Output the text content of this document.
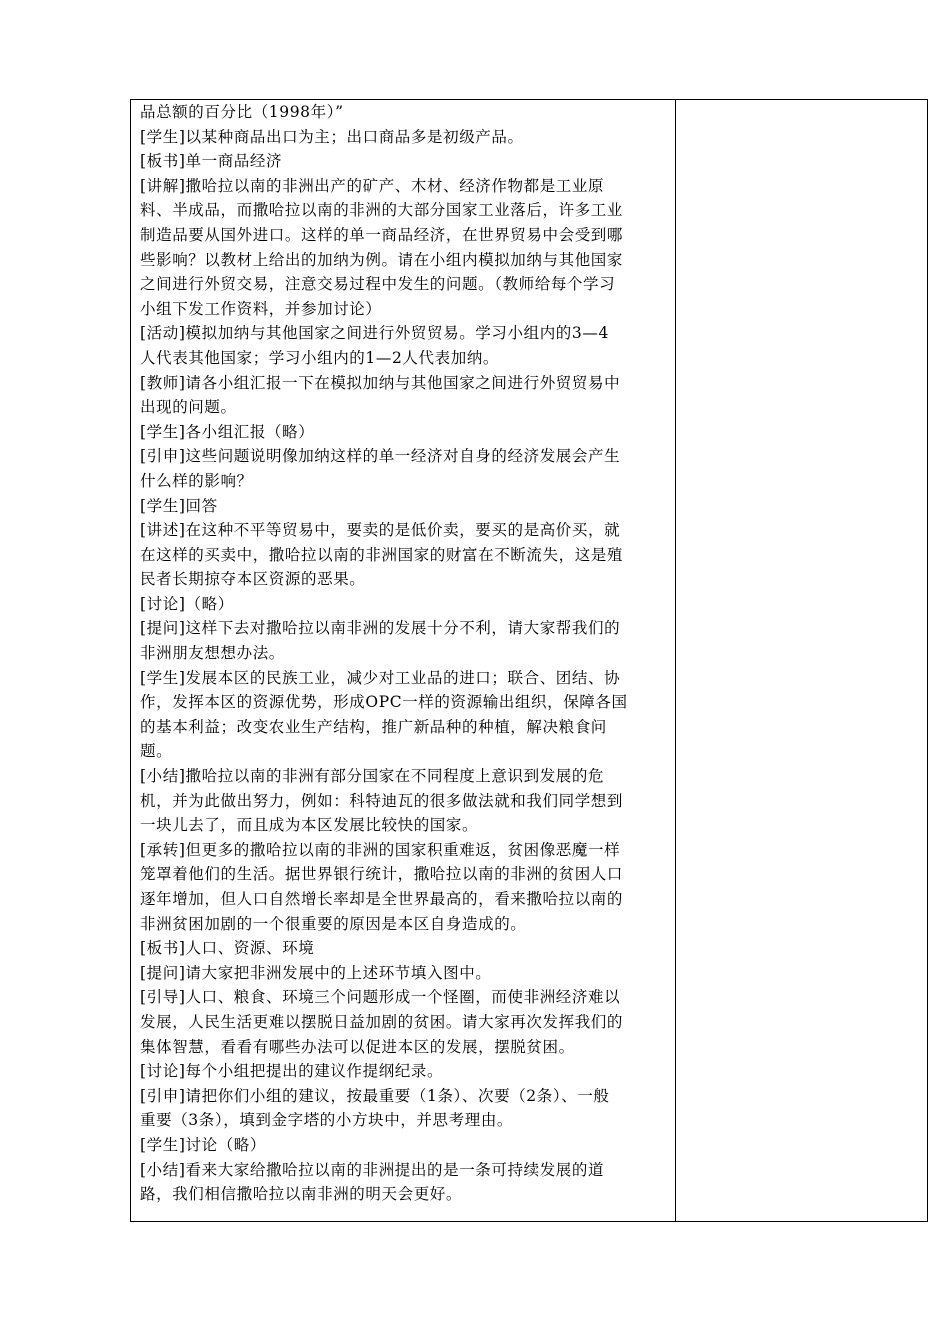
品总额的百分比（1998年）”
[学生]以某种商品出口为主；出口商品多是初级产品。
[板书]单一商品经济
[讲解]撒哈拉以南的非洲出产的矿产、木材、经济作物都是工业原
料、半成品，而撒哈拉以南的非洲的大部分国家工业落后，许多工业
制造品要从国外进口。这样的单一商品经济，在世界贸易中会受到哪
些影响？以教材上给出的加纳为例。请在小组内模拟加纳与其他国家
之间进行外贸交易，注意交易过程中发生的问题。（教师给每个学习
小组下发工作资料，并参加讨论）
[活动]模拟加纳与其他国家之间进行外贸贸易。学习小组内的3—4
人代表其他国家；学习小组内的1—2人代表加纳。
[教师]请各小组汇报一下在模拟加纳与其他国家之间进行外贸贸易中
出现的问题。
[学生]各小组汇报（略）
[引申]这些问题说明像加纳这样的单一经济对自身的经济发展会产生
什么样的影响？
[学生]回答
[讲述]在这种不平等贸易中，要卖的是低价卖，要买的是高价买，就
在这样的买卖中，撒哈拉以南的非洲国家的财富在不断流失，这是殖
民者长期掠夺本区资源的恶果。
[讨论]（略）
[提问]这样下去对撒哈拉以南非洲的发展十分不利，请大家帮我们的
非洲朋友想想办法。
[学生]发展本区的民族工业，减少对工业品的进口；联合、团结、协
作，发挥本区的资源优势，形成OPC一样的资源输出组织，保障各国
的基本利益；改变农业生产结构，推广新品种的种植，解决粮食问
题。
[小结]撒哈拉以南的非洲有部分国家在不同程度上意识到发展的危
机，并为此做出努力，例如：科特迪瓦的很多做法就和我们同学想到
一块儿去了，而且成为本区发展比较快的国家。
[承转]但更多的撒哈拉以南的非洲的国家积重难返，贫困像恶魔一样
笼罩着他们的生活。据世界银行统计，撒哈拉以南的非洲的贫困人口
逐年增加，但人口自然增长率却是全世界最高的，看来撒哈拉以南的
非洲贫困加剧的一个很重要的原因是本区自身造成的。
[板书]人口、资源、环境
[提问]请大家把非洲发展中的上述环节填入图中。
[引导]人口、粮食、环境三个问题形成一个怪圈，而使非洲经济难以
发展，人民生活更难以摆脱日益加剧的贫困。请大家再次发挥我们的
集体智慧，看看有哪些办法可以促进本区的发展，摆脱贫困。
[讨论]每个小组把提出的建议作提纲纪录。
[引申]请把你们小组的建议，按最重要（1条）、次要（2条）、一般
重要（3条），填到金字塔的小方块中，并思考理由。
[学生]讨论（略）
[小结]看来大家给撒哈拉以南的非洲提出的是一条可持续发展的道
路，我们相信撒哈拉以南非洲的明天会更好。
